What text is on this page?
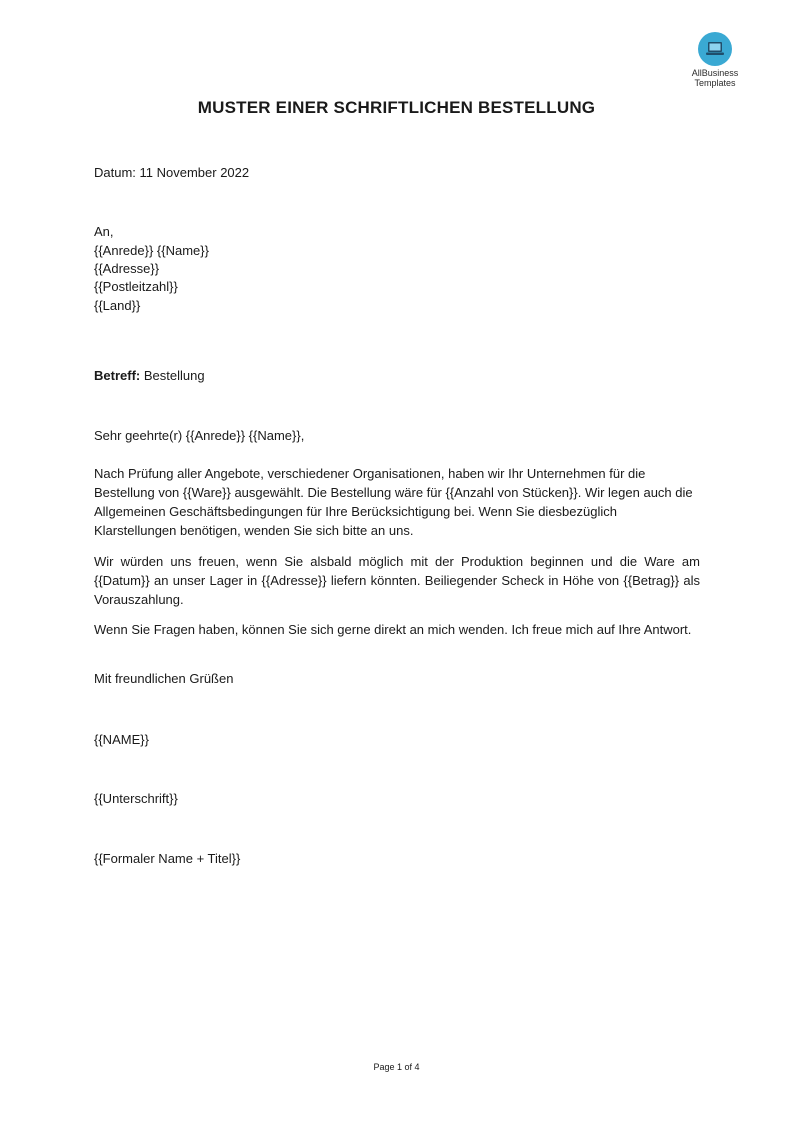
AllBusiness
Templates
MUSTER EINER SCHRIFTLICHEN BESTELLUNG
Datum: 11 November 2022
An,
{{Anrede}} {{Name}}
{{Adresse}}
{{Postleitzahl}}
{{Land}}
Betreff: Bestellung
Sehr geehrte(r) {{Anrede}} {{Name}},
Nach Prüfung aller Angebote, verschiedener Organisationen, haben wir Ihr Unternehmen für die Bestellung von {{Ware}} ausgewählt. Die Bestellung wäre für {{Anzahl von Stücken}}. Wir legen auch die Allgemeinen Geschäftsbedingungen für Ihre Berücksichtigung bei. Wenn Sie diesbezüglich Klarstellungen benötigen, wenden Sie sich bitte an uns.
Wir würden uns freuen, wenn Sie alsbald möglich mit der Produktion beginnen und die Ware am {{Datum}} an unser Lager in {{Adresse}} liefern könnten. Beiliegender Scheck in Höhe von {{Betrag}} als Vorauszahlung.
Wenn Sie Fragen haben, können Sie sich gerne direkt an mich wenden. Ich freue mich auf Ihre Antwort.
Mit freundlichen Grüßen
{{NAME}}
{{Unterschrift}}
{{Formaler Name + Titel}}
Page 1 of 4
